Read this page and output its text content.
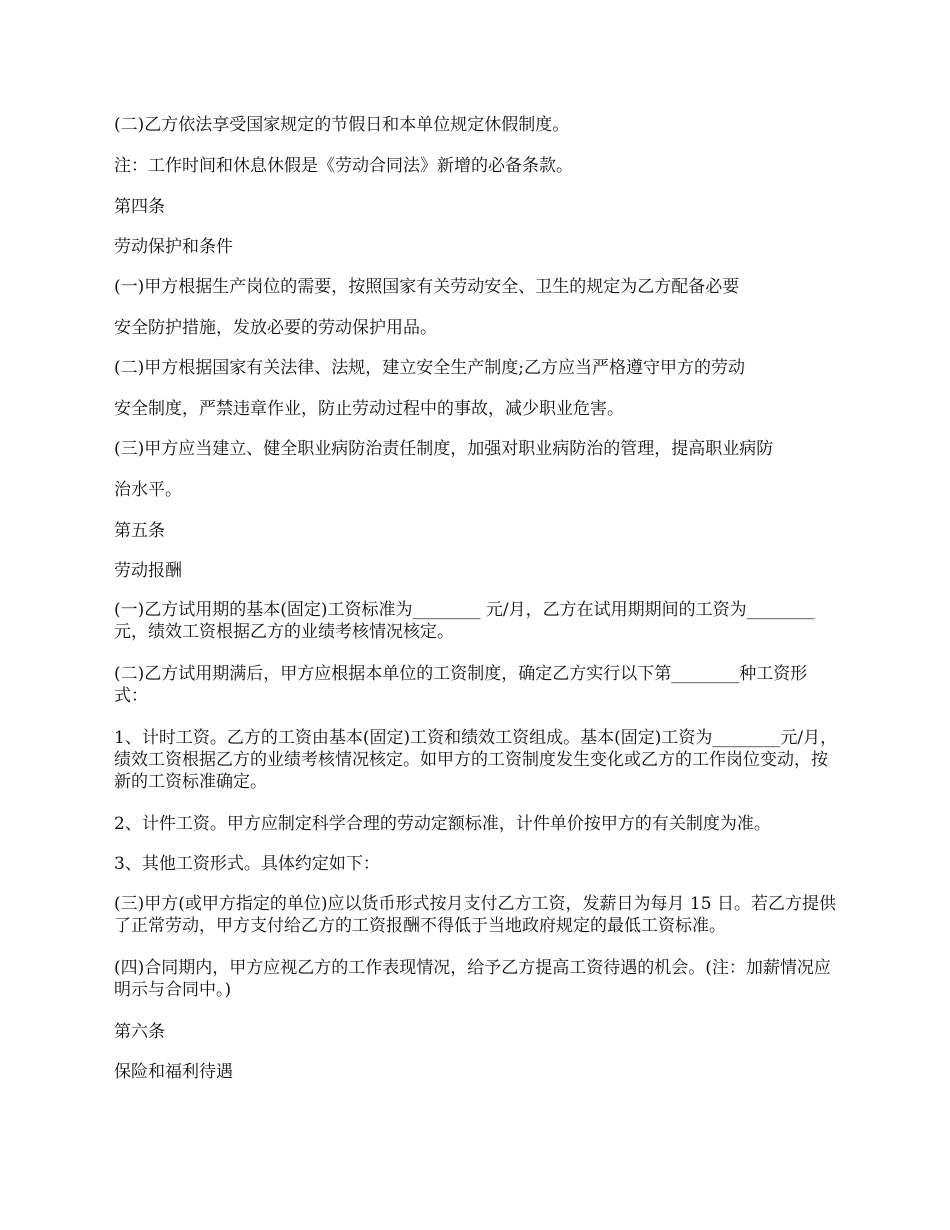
(二)乙方依法享受国家规定的节假日和本单位规定休假制度。

注：工作时间和休息休假是《劳动合同法》新增的必备条款。

第四条

劳动保护和条件

(一)甲方根据生产岗位的需要，按照国家有关劳动安全、卫生的规定为乙方配备必要

安全防护措施，发放必要的劳动保护用品。

(二)甲方根据国家有关法律、法规，建立安全生产制度;乙方应当严格遵守甲方的劳动

安全制度，严禁违章作业，防止劳动过程中的事故，减少职业危害。

(三)甲方应当建立、健全职业病防治责任制度，加强对职业病防治的管理，提高职业病防

治水平。

第五条

劳动报酬

(一)乙方试用期的基本(固定)工资标准为________ 元/月，乙方在试用期期间的工资为________ 元，绩效工资根据乙方的业绩考核情况核定。

(二)乙方试用期满后，甲方应根据本单位的工资制度，确定乙方实行以下第________种工资形式：

1、计时工资。乙方的工资由基本(固定)工资和绩效工资组成。基本(固定)工资为________元/月，绩效工资根据乙方的业绩考核情况核定。如甲方的工资制度发生变化或乙方的工作岗位变动，按新的工资标准确定。

2、计件工资。甲方应制定科学合理的劳动定额标准，计件单价按甲方的有关制度为准。

3、其他工资形式。具体约定如下：

(三)甲方(或甲方指定的单位)应以货币形式按月支付乙方工资，发薪日为每月 15 日。若乙方提供了正常劳动，甲方支付给乙方的工资报酬不得低于当地政府规定的最低工资标准。

(四)合同期内，甲方应视乙方的工作表现情况，给予乙方提高工资待遇的机会。(注：加薪情况应明示与合同中。)

第六条

保险和福利待遇
